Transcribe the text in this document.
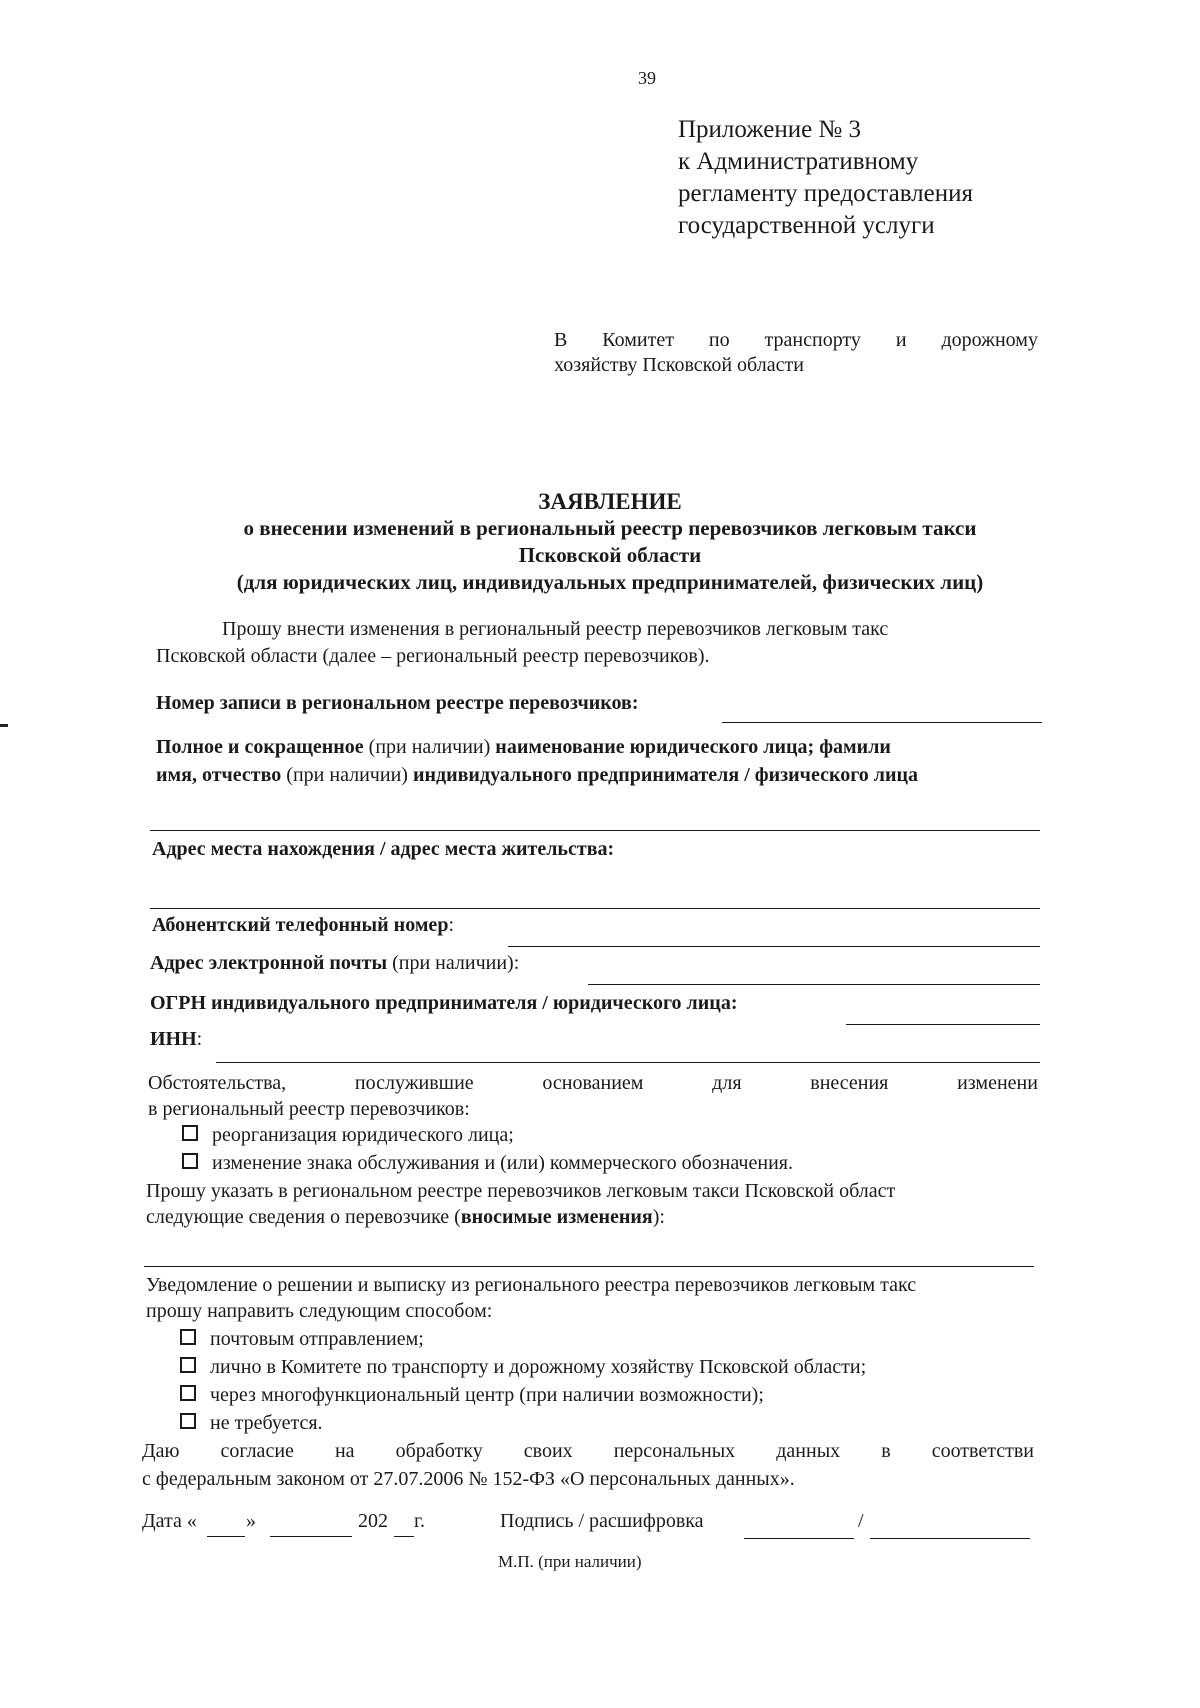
39
Приложение № 3
к Административному
регламенту предоставления
государственной услуги
В Комитет по транспорту и дорожному
хозяйству Псковской области
ЗАЯВЛЕНИЕ
о внесении изменений в региональный реестр перевозчиков легковым такси
Псковской области
(для юридических лиц, индивидуальных предпринимателей, физических лиц)
Прошу внести изменения в региональный реестр перевозчиков легковым такс
Псковской области (далее – региональный реестр перевозчиков).
Номер записи в региональном реестре перевозчиков:
Полное и сокращенное (при наличии) наименование юридического лица; фамили
имя, отчество (при наличии) индивидуального предпринимателя / физического лица
Адрес места нахождения / адрес места жительства:
Абонентский телефонный номер:
Адрес электронной почты (при наличии):
ОГРН индивидуального предпринимателя / юридического лица:
ИНН:
Обстоятельства,	послужившие	основанием	для	внесения	изменени
в региональный реестр перевозчиков:
реорганизация юридического лица;
изменение знака обслуживания и (или) коммерческого обозначения.
Прошу указать в региональном реестре перевозчиков легковым такси Псковской област
следующие сведения о перевозчике (вносимые изменения):
Уведомление о решении и выписку из регионального реестра перевозчиков легковым такс
прошу направить следующим способом:
почтовым отправлением;
лично в Комитете по транспорту и дорожному хозяйству Псковской области;
через многофункциональный центр (при наличии возможности);
не требуется.
Даю согласие на обработку своих персональных данных в соответстви
с федеральным законом от 27.07.2006 № 152-ФЗ «О персональных данных».
Дата « »	202 г.	Подпись / расшифровка	/
М.П. (при наличии)
